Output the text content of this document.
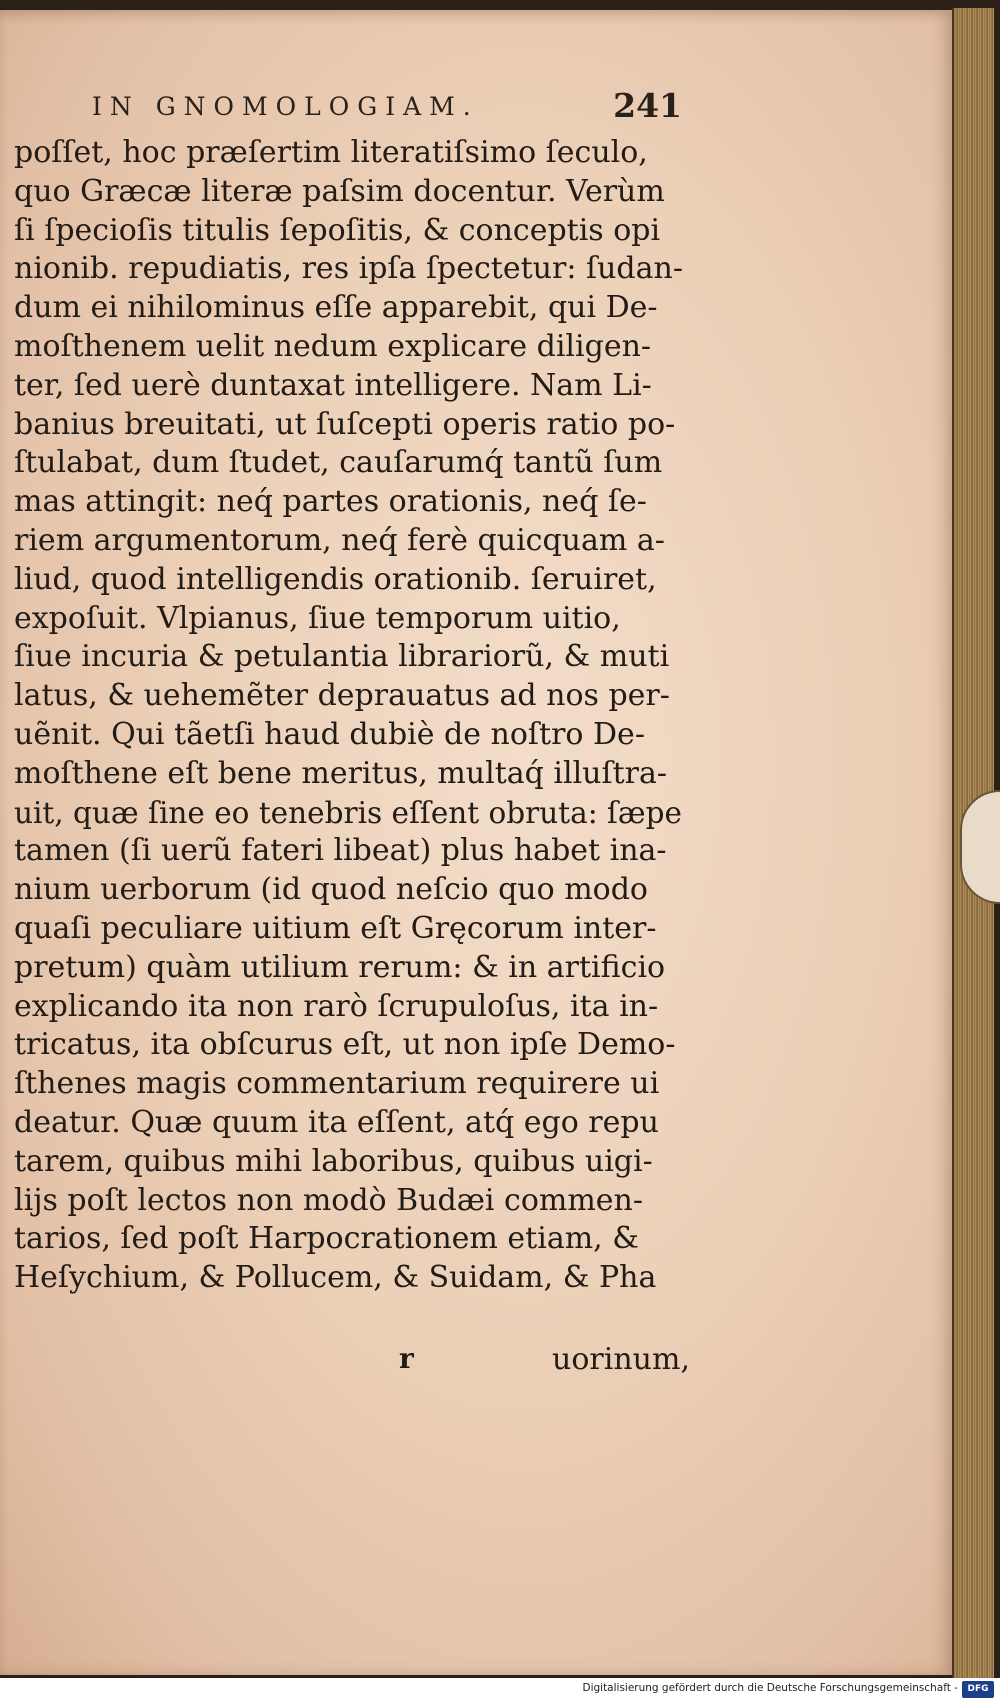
IN GNOMOLOGIAM.	241
poſſet, hoc præſertim literatiſsimo ſeculo,
quo Græcæ literæ paſsim docentur. Verùm
ſi ſpecioſis titulis ſepoſitis, & conceptis opi
nionib. repudiatis, res ipſa ſpectetur: ſudan-
dum ei nihilominus eſſe apparebit, qui De-
moſthenem uelit nedum explicare diligen-
ter, ſed uerè duntaxat intelligere. Nam Li-
banius breuitati, ut ſuſcepti operis ratio po-
ſtulabat, dum ſtudet, cauſarumq́ tantũ ſum
mas attingit: neq́ partes orationis, neq́ ſe-
riem argumentorum, neq́ ferè quicquam a-
liud, quod intelligendis orationib. ſeruiret,
expoſuit. Vlpianus, ſiue temporum uitio,
ſiue incuria & petulantia librariorũ, & muti
latus, & uehemẽter deprauatus ad nos per-
uẽnit. Qui tãetſi haud dubiè de noſtro De-
moſthene eſt bene meritus, multaq́ illuſtra-
uit, quæ ſine eo tenebris eſſent obruta: ſæpe
tamen (ſi uerũ fateri libeat) plus habet ina-
nium uerborum (id quod neſcio quo modo
quaſi peculiare uitium eſt Gręcorum inter-
pretum) quàm utilium rerum: & in artificio
explicando ita non rarò ſcrupuloſus, ita in-
tricatus, ita obſcurus eſt, ut non ipſe Demo-
ſthenes magis commentarium requirere ui
deatur. Quæ quum ita eſſent, atq́ ego repu
tarem, quibus mihi laboribus, quibus uigi-
lijs poſt lectos non modò Budæi commen-
tarios, ſed poſt Harpocrationem etiam, &
Heſychium, & Pollucem, & Suidam, & Pha
r	uorinum,
Digitalisierung gefördert durch die Deutsche Forschungsgemeinschaft -	DFG
